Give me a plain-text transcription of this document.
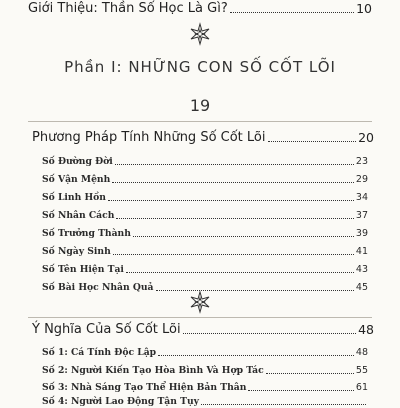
Giới Thiệu: Thần Số Học Là Gì?	10
Phần I: NHỮNG CON SỐ CỐT LÕI
19
Phương Pháp Tính Những Số Cốt Lõi	20
Số Đường Đời	23
Số Vận Mệnh	29
Số Linh Hồn	34
Số Nhân Cách	37
Số Trưởng Thành	39
Số Ngày Sinh	41
Số Tên Hiện Tại	43
Số Bài Học Nhân Quả	45
Ý Nghĩa Của Số Cốt Lõi	48
Số 1: Cá Tính Độc Lập	48
Số 2: Người Kiến Tạo Hòa Bình Và Hợp Tác	55
Số 3: Nhà Sáng Tạo Thể Hiện Bản Thân	61
Số 4: Người Lao Động Tận Tụy
